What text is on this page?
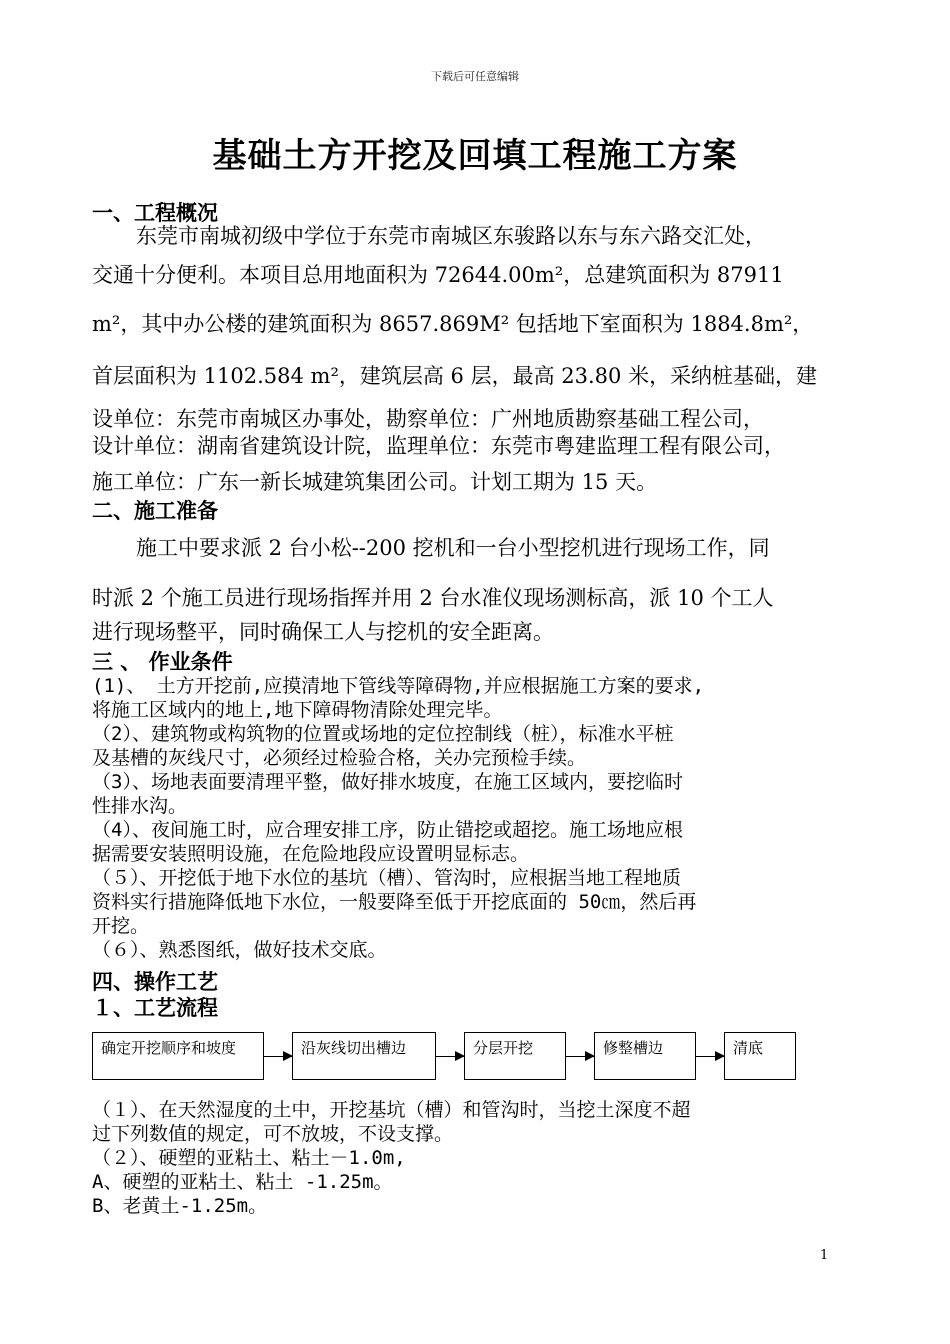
下载后可任意编辑
基础土方开挖及回填工程施工方案
一、工程概况
东莞市南城初级中学位于东莞市南城区东骏路以东与东六路交汇处，
交通十分便利。本项目总用地面积为 72644.00m²，总建筑面积为 87911
m²，其中办公楼的建筑面积为 8657.869M² 包括地下室面积为 1884.8m²，
首层面积为 1102.584 m²，建筑层高 6 层，最高 23.80 米，采纳桩基础，建
设单位：东莞市南城区办事处，勘察单位：广州地质勘察基础工程公司，
设计单位：湖南省建筑设计院，监理单位：东莞市粤建监理工程有限公司，
施工单位：广东一新长城建筑集团公司。计划工期为 15 天。
二、施工准备
施工中要求派 2 台小松--200 挖机和一台小型挖机进行现场工作，同
时派 2 个施工员进行现场指挥并用 2 台水准仪现场测标高，派 10 个工人
进行现场整平，同时确保工人与挖机的安全距离。
三 、 作业条件
(1)、 土方开挖前,应摸清地下管线等障碍物,并应根据施工方案的要求,
将施工区域内的地上,地下障碍物清除处理完毕。
（2）、建筑物或构筑物的位置或场地的定位控制线（桩），标准水平桩
及基槽的灰线尺寸，必须经过检验合格，关办完预检手续。
（3）、场地表面要清理平整，做好排水坡度，在施工区域内，要挖临时
性排水沟。
（4）、夜间施工时，应合理安排工序，防止错挖或超挖。施工场地应根
据需要安装照明设施，在危险地段应设置明显标志。
（５）、开挖低于地下水位的基坑（槽）、管沟时，应根据当地工程地质
资料实行措施降低地下水位，一般要降至低于开挖底面的 50㎝，然后再
开挖。
（６）、熟悉图纸，做好技术交底。
四、操作工艺
１、工艺流程
确定开挖顺序和坡度	沿灰线切出槽边	分层开挖	修整槽边	清底
（１）、在天然湿度的土中，开挖基坑（槽）和管沟时，当挖土深度不超
过下列数值的规定，可不放坡，不设支撑。
（２）、硬塑的亚粘土、粘土－1.0m,
A、硬塑的亚粘土、粘土 -1.25m。
B、老黄土-1.25m。
1
